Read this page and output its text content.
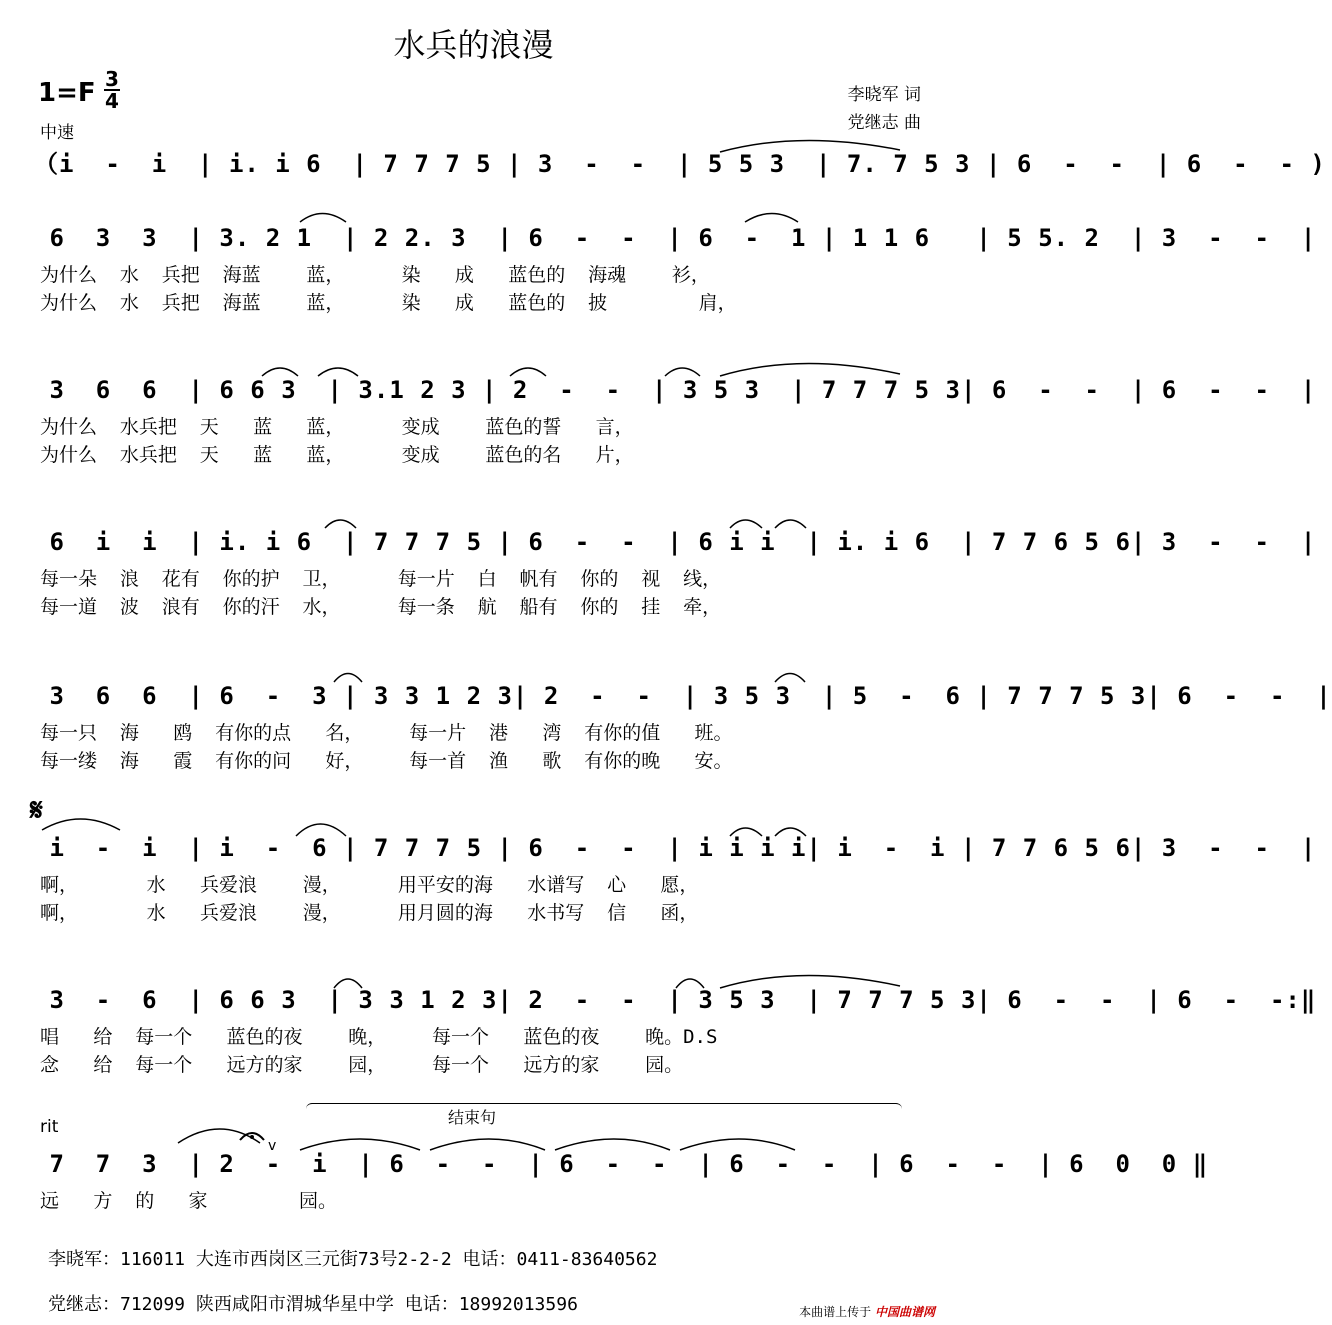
水兵的浪漫
1=F 3
4
中速
李晓军 词
党继志 曲
（i  -  i  | i. i 6  | 7 7 7 5 | 3  -  -  | 5 5 3  | 7. 7 5 3 | 6  -  -  | 6  -  - )
6  3  3  | 3. 2 1  | 2 2. 3  | 6  -  -  | 6  -  1 | 1 1 6   | 5 5. 2  | 3  -  -  |
为什么  水  兵把  海蓝    蓝，     染   成   蓝色的  海魂    衫，
为什么  水  兵把  海蓝    蓝，     染   成   蓝色的  披        肩，
3  6  6  | 6 6 3  | 3.1 2 3 | 2  -  -  | 3 5 3  | 7 7 7 5 3| 6  -  -  | 6  -  -  |
为什么  水兵把  天   蓝   蓝，     变成    蓝色的誓   言，
为什么  水兵把  天   蓝   蓝，     变成    蓝色的名   片，
6  i  i  | i. i 6  | 7 7 7 5 | 6  -  -  | 6 i i  | i. i 6  | 7 7 6 5 6| 3  -  -  |
每一朵  浪  花有  你的护  卫，     每一片  白  帆有  你的  视  线，
每一道  波  浪有  你的汗  水，     每一条  航  船有  你的  挂  牵，
3  6  6  | 6  -  3 | 3 3 1 2 3| 2  -  -  | 3 5 3  | 5  -  6 | 7 7 7 5 3| 6  -  -  |
每一只  海   鸥  有你的点   名，    每一片  港   湾  有你的值   班。
每一缕  海   霞  有你的问   好，    每一首  渔   歌  有你的晚   安。
i  -  i  | i  -  6 | 7 7 7 5 | 6  -  -  | i i i i| i  -  i | 7 7 6 5 6| 3  -  -  |
啊，      水   兵爱浪    漫，     用平安的海   水谱写  心   愿，
啊，      水   兵爱浪    漫，     用月圆的海   水书写  信   函，
3  -  6  | 6 6 3  | 3 3 1 2 3| 2  -  -  | 3 5 3  | 7 7 7 5 3| 6  -  -  | 6  -  -:‖
唱   给  每一个   蓝色的夜    晚，    每一个   蓝色的夜    晚。D.S
念   给  每一个   远方的家    园，    每一个   远方的家    园。
7  7  3  | 2  -  i  | 6  -  -  | 6  -  -  | 6  -  -  | 6  -  -  | 6  0  0 ‖
远   方  的   家        园。
𝄋
结束句
rit
李晓军：116011 大连市西岗区三元街73号2-2-2 电话：0411-83640562
党继志：712099 陕西咸阳市渭城华星中学 电话：18992013596	本曲谱上传于 中国曲谱网
v
